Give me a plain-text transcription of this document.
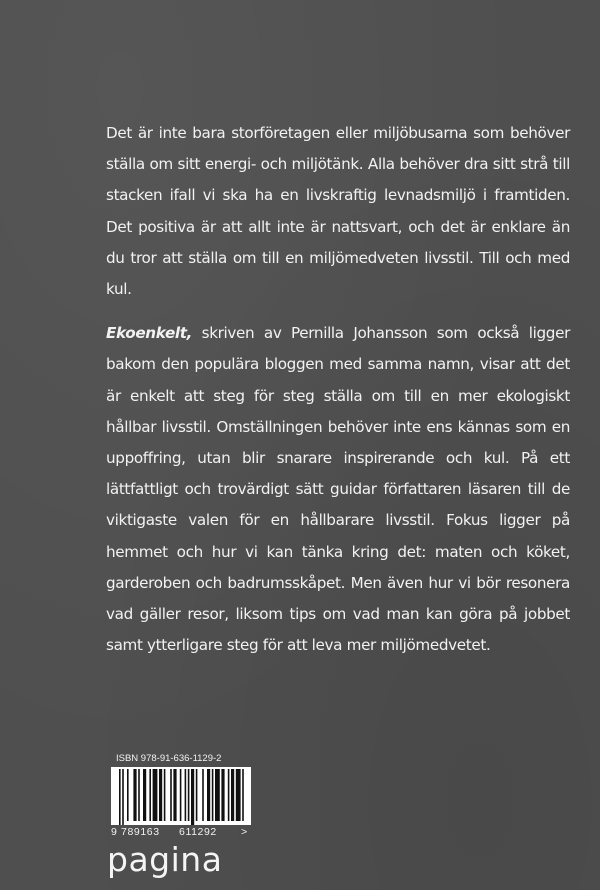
Det är inte bara storföretagen eller miljöbusarna som behöver ställa om sitt energi- och miljötänk. Alla behöver dra sitt strå till stacken ifall vi ska ha en livskraftig levnadsmiljö i framtiden. Det positiva är att allt inte är nattsvart, och det är enklare än du tror att ställa om till en miljömedveten livsstil. Till och med kul.

Ekoenkelt, skriven av Pernilla Johansson som också ligger bakom den populära bloggen med samma namn, visar att det är enkelt att steg för steg ställa om till en mer ekologiskt hållbar livsstil. Omställningen behöver inte ens kännas som en uppoffring, utan blir snarare inspirerande och kul. På ett lättfattligt och trovärdigt sätt guidar författaren läsaren till de viktigaste valen för en hållbarare livsstil. Fokus ligger på hemmet och hur vi kan tänka kring det: maten och köket, garderoben och badrumsskåpet. Men även hur vi bör resonera vad gäller resor, liksom tips om vad man kan göra på jobbet samt ytterligare steg för att leva mer miljömedvetet.

ISBN 978-91-636-1129-2
9 789163	611292	>
pagina
